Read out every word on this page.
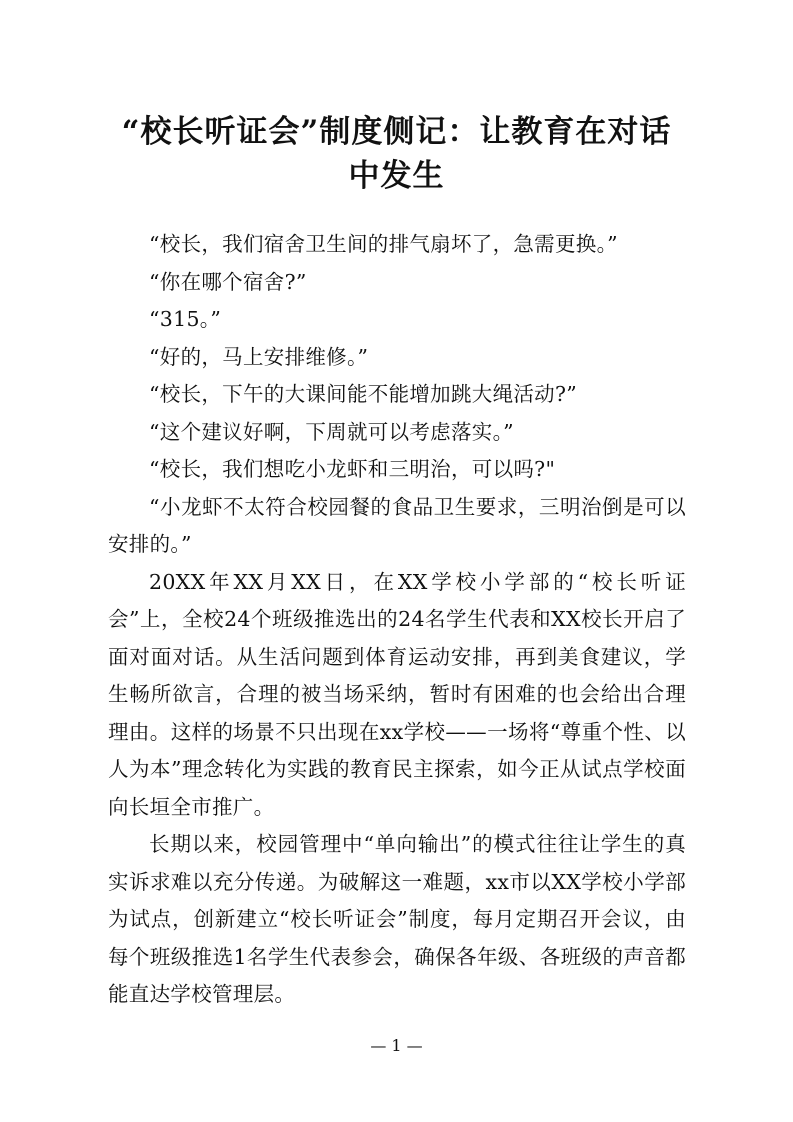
“校长听证会”制度侧记：让教育在对话
中发生

“校长，我们宿舍卫生间的排气扇坏了，急需更换。”

“你在哪个宿舍?”

“315。”

“好的，马上安排维修。”

“校长，下午的大课间能不能增加跳大绳活动?”

“这个建议好啊，下周就可以考虑落实。”

“校长，我们想吃小龙虾和三明治，可以吗?"

“小龙虾不太符合校园餐的食品卫生要求，三明治倒是可以安排的。”

20XX年XX月XX日，在XX学校小学部的“校长听证会”上，全校24个班级推选出的24名学生代表和XX校长开启了面对面对话。从生活问题到体育运动安排，再到美食建议，学生畅所欲言，合理的被当场采纳，暂时有困难的也会给出合理理由。这样的场景不只出现在xx学校——一场将“尊重个性、以人为本”理念转化为实践的教育民主探索，如今正从试点学校面向长垣全市推广。

长期以来，校园管理中“单向输出”的模式往往让学生的真实诉求难以充分传递。为破解这一难题，xx市以XX学校小学部为试点，创新建立“校长听证会”制度，每月定期召开会议，由每个班级推选1名学生代表参会，确保各年级、各班级的声音都能直达学校管理层。

— 1 —
